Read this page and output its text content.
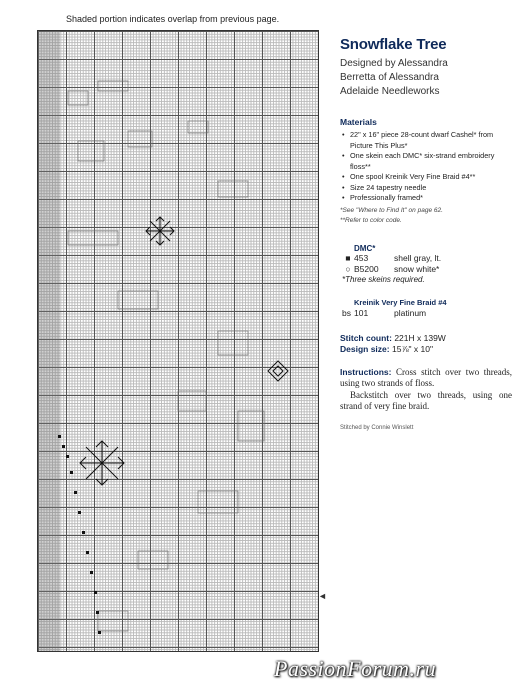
Shaded portion indicates overlap from previous page.
◄
Snowflake Tree
Designed by Alessandra Berretta of Alessandra Adelaide Needleworks
Materials
• 22" x 16" piece 28-count dwarf Cashel* from Picture This Plus*
• One skein each DMC* six-strand embroidery floss**
• One spool Kreinik Very Fine Braid #4**
• Size 24 tapestry needle
• Professionally framed*
*See "Where to Find It" on page 62.
**Refer to color code.
DMC*
■ 453	shell gray, lt.
○ B5200	snow white*
*Three skeins required.
Kreinik Very Fine Braid #4
bs 101	platinum
Stitch count: 221H x 139W
Design size: 15⅞" x 10"

Instructions: Cross stitch over two threads, using two strands of floss.

Backstitch over two threads, using one strand of very fine braid.

Stitched by Connie Winslett
PassionForum.ru
